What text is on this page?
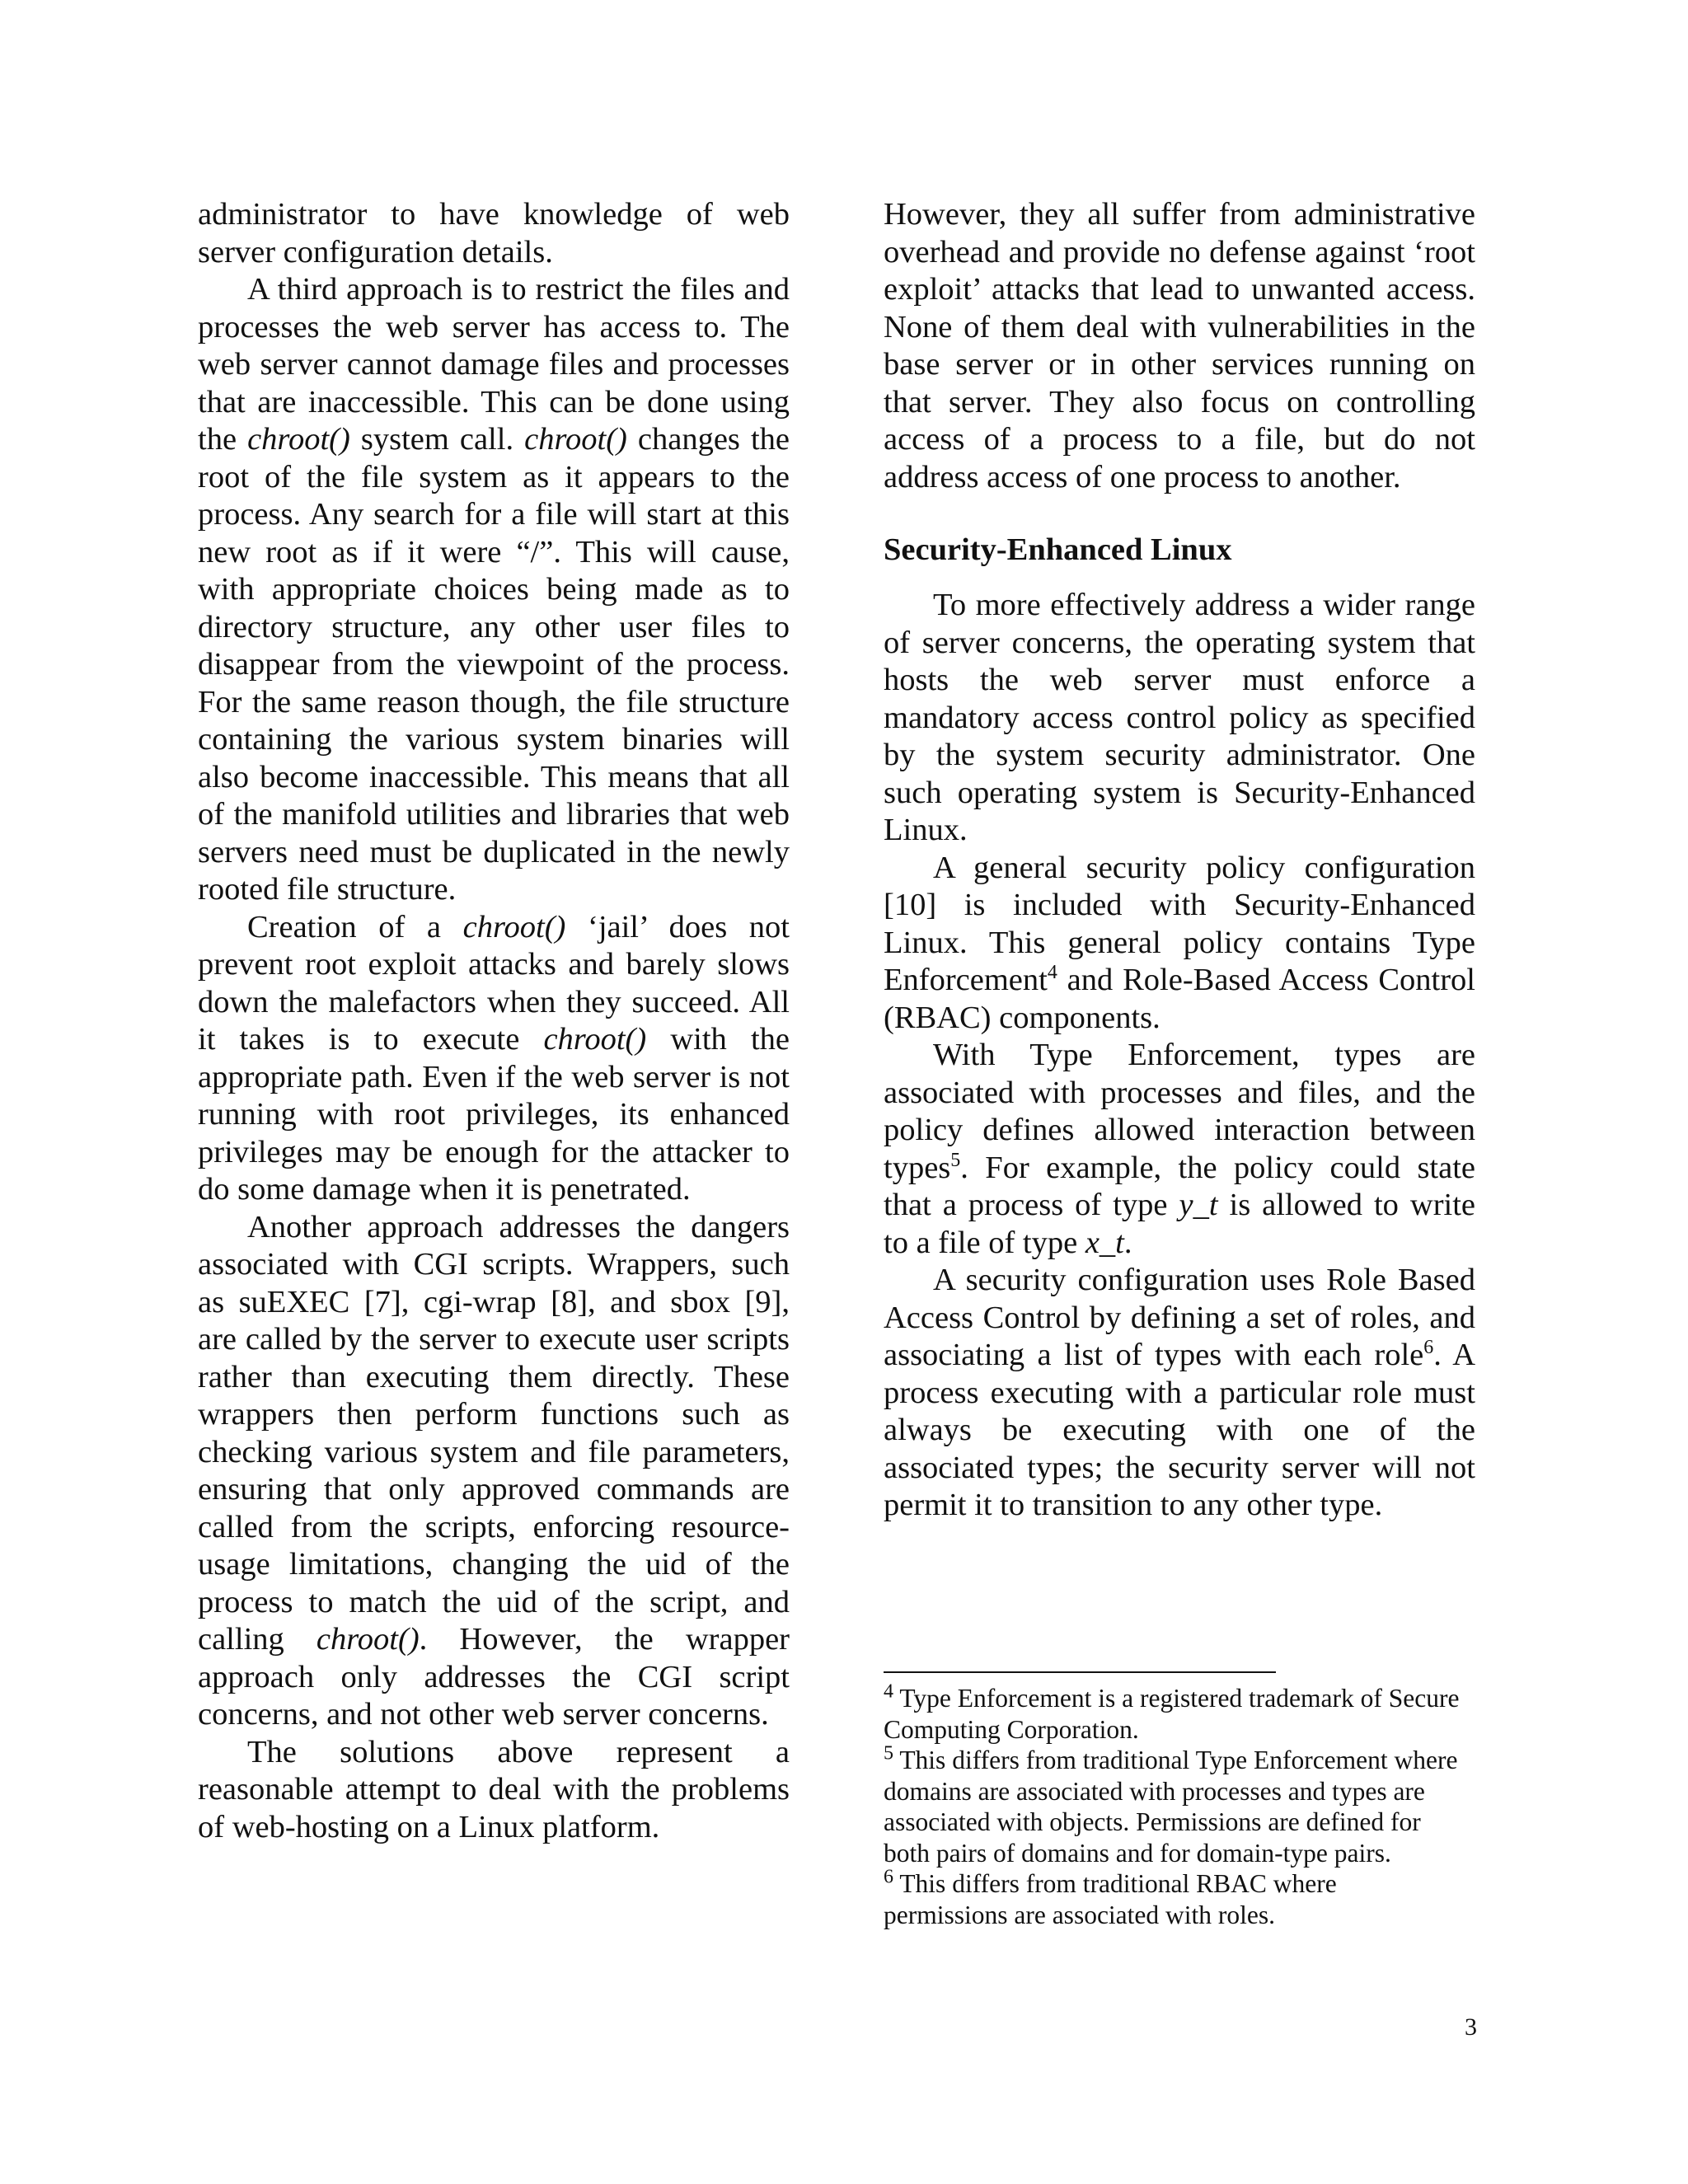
administrator to have knowledge of web server configuration details.

A third approach is to restrict the files and processes the web server has access to. The web server cannot damage files and processes that are inaccessible. This can be done using the chroot() system call. chroot() changes the root of the file system as it appears to the process. Any search for a file will start at this new root as if it were “/”. This will cause, with appropriate choices being made as to directory structure, any other user files to disappear from the viewpoint of the process. For the same reason though, the file structure containing the various system binaries will also become inaccessible. This means that all of the manifold utilities and libraries that web servers need must be duplicated in the newly rooted file structure.

Creation of a chroot() ‘jail’ does not prevent root exploit attacks and barely slows down the malefactors when they succeed. All it takes is to execute chroot() with the appropriate path. Even if the web server is not running with root privileges, its enhanced privileges may be enough for the attacker to do some damage when it is penetrated.

Another approach addresses the dangers associated with CGI scripts. Wrappers, such as suEXEC [7], cgi-wrap [8], and sbox [9], are called by the server to execute user scripts rather than executing them directly. These wrappers then perform functions such as checking various system and file parameters, ensuring that only approved commands are called from the scripts, enforcing resource-usage limitations, changing the uid of the process to match the uid of the script, and calling chroot(). However, the wrapper approach only addresses the CGI script concerns, and not other web server concerns.

The solutions above represent a reasonable attempt to deal with the problems of web-hosting on a Linux platform.

However, they all suffer from administrative overhead and provide no defense against ‘root exploit’ attacks that lead to unwanted access. None of them deal with vulnerabilities in the base server or in other services running on that server. They also focus on controlling access of a process to a file, but do not address access of one process to another.

Security-Enhanced Linux

To more effectively address a wider range of server concerns, the operating system that hosts the web server must enforce a mandatory access control policy as specified by the system security administrator. One such operating system is Security-Enhanced Linux.

A general security policy configuration [10] is included with Security-Enhanced Linux. This general policy contains Type Enforcement$^4$ and Role-Based Access Control (RBAC) components.

With Type Enforcement, types are associated with processes and files, and the policy defines allowed interaction between types$^5$. For example, the policy could state that a process of type y_t is allowed to write to a file of type x_t.

A security configuration uses Role Based Access Control by defining a set of roles, and associating a list of types with each role$^6$. A process executing with a particular role must always be executing with one of the associated types; the security server will not permit it to transition to any other type.

$^4$ Type Enforcement is a registered trademark of Secure Computing Corporation.

$^5$ This differs from traditional Type Enforcement where domains are associated with processes and types are associated with objects. Permissions are defined for both pairs of domains and for domain-type pairs.

$^6$ This differs from traditional RBAC where permissions are associated with roles.

3
